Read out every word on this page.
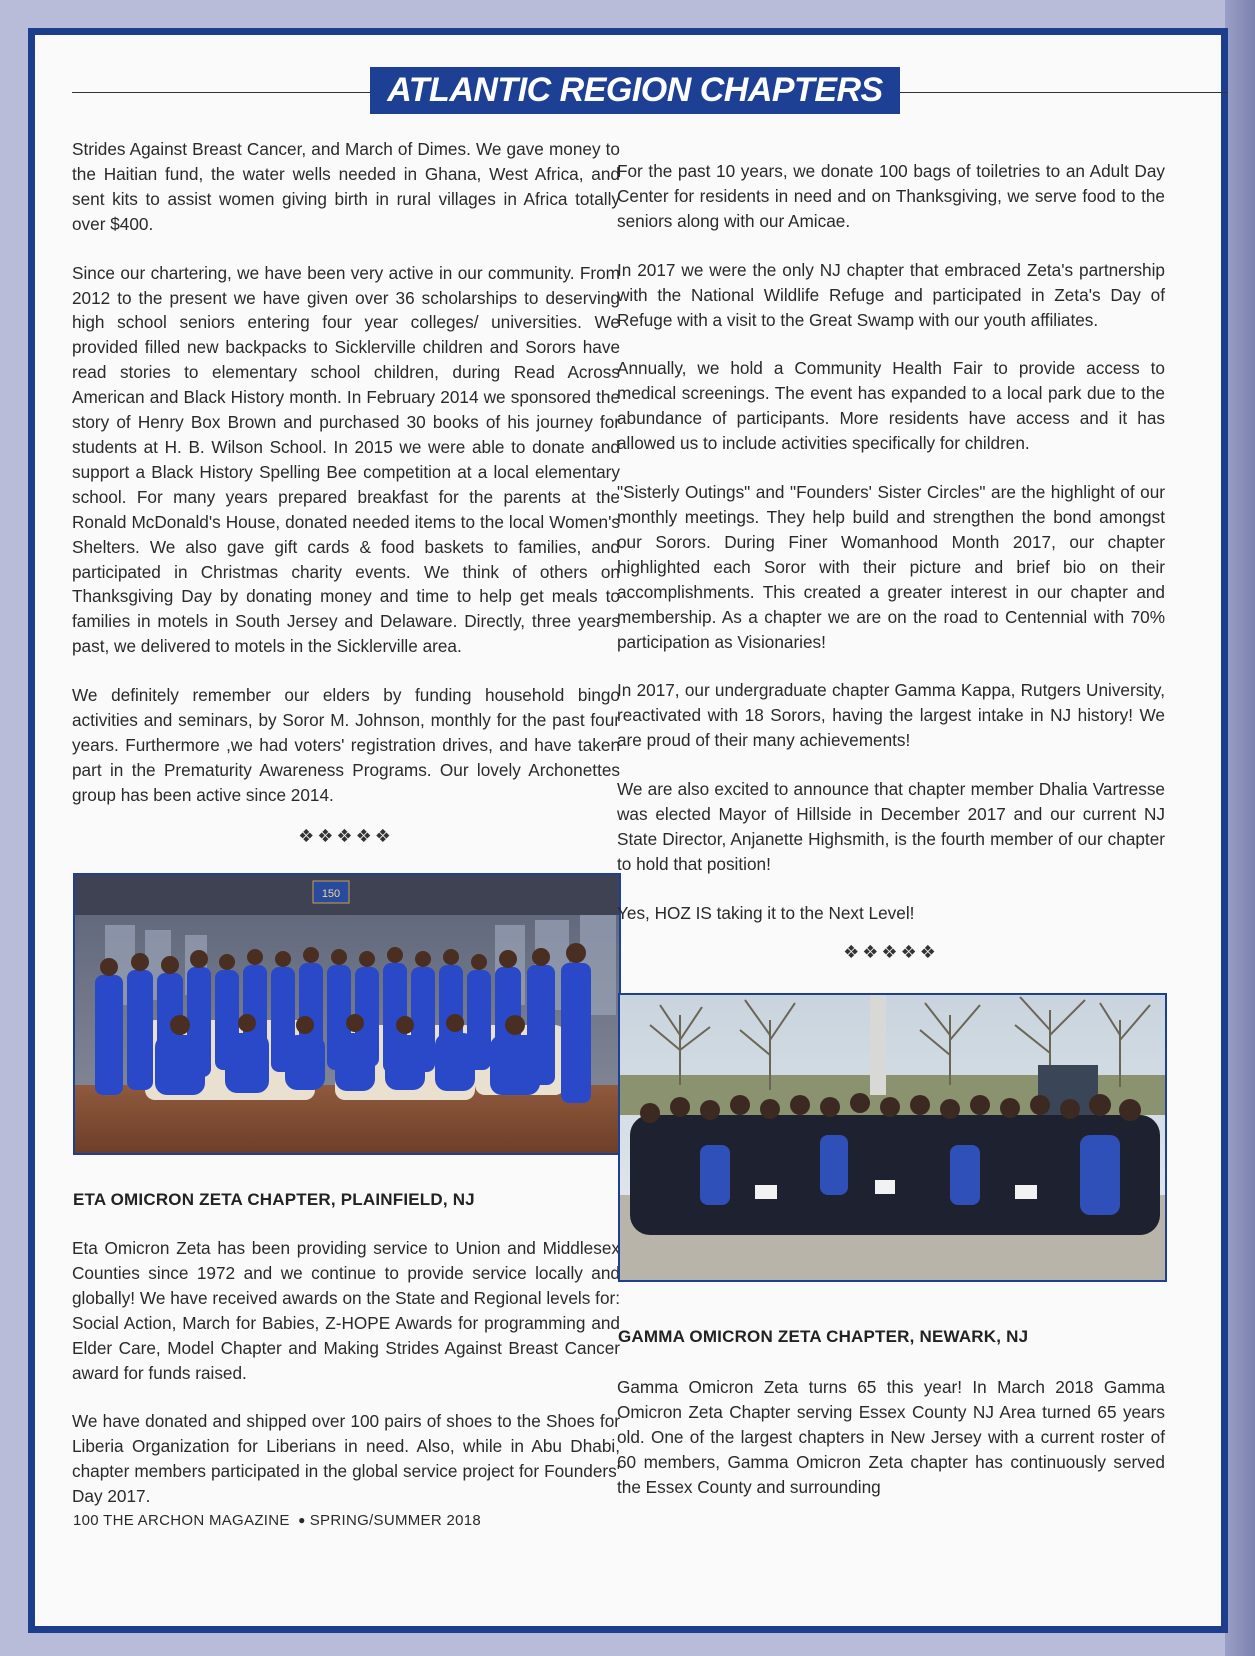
ATLANTIC REGION CHAPTERS

Strides Against Breast Cancer, and March of Dimes. We gave money to the Haitian fund, the water wells needed in Ghana, West Africa, and sent kits to assist women giving birth in rural villages in Africa totally over $400.

Since our chartering, we have been very active in our community. From 2012 to the present we have given over 36 scholarships to deserving high school seniors entering four year colleges/ universities. We provided filled new backpacks to Sicklerville children and Sorors have read stories to elementary school children, during Read Across American and Black History month. In February 2014 we sponsored the story of Henry Box Brown and purchased 30 books of his journey for students at H. B. Wilson School. In 2015 we were able to donate and support a Black History Spelling Bee competition at a local elementary school. For many years prepared breakfast for the parents at the Ronald McDonald's House, donated needed items to the local Women's Shelters. We also gave gift cards & food baskets to families, and participated in Christmas charity events. We think of others on Thanksgiving Day by donating money and time to help get meals to families in motels in South Jersey and Delaware. Directly, three years past, we delivered to motels in the Sicklerville area.

We definitely remember our elders by funding household bingo activities and seminars, by Soror M. Johnson, monthly for the past four years. Furthermore ,we had voters' registration drives, and have taken part in the Prematurity Awareness Programs. Our lovely Archonettes group has been active since 2014.

❖❖❖❖❖
150
ETA OMICRON ZETA CHAPTER, PLAINFIELD, NJ

Eta Omicron Zeta has been providing service to Union and Middlesex Counties since 1972 and we continue to provide service locally and globally! We have received awards on the State and Regional levels for: Social Action, March for Babies, Z-HOPE Awards for programming and Elder Care, Model Chapter and Making Strides Against Breast Cancer award for funds raised.

We have donated and shipped over 100 pairs of shoes to the Shoes for Liberia Organization for Liberians in need. Also, while in Abu Dhabi, chapter members participated in the global service project for Founders' Day 2017.

For the past 10 years, we donate 100 bags of toiletries to an Adult Day Center for residents in need and on Thanksgiving, we serve food to the seniors along with our Amicae.

In 2017 we were the only NJ chapter that embraced Zeta's partnership with the National Wildlife Refuge and participated in Zeta's Day of Refuge with a visit to the Great Swamp with our youth affiliates.

Annually, we hold a Community Health Fair to provide access to medical screenings. The event has expanded to a local park due to the abundance of participants. More residents have access and it has allowed us to include activities specifically for children.

"Sisterly Outings" and "Founders' Sister Circles" are the highlight of our monthly meetings. They help build and strengthen the bond amongst our Sorors. During Finer Womanhood Month 2017, our chapter highlighted each Soror with their picture and brief bio on their accomplishments. This created a greater interest in our chapter and membership. As a chapter we are on the road to Centennial with 70% participation as Visionaries!

In 2017, our undergraduate chapter Gamma Kappa, Rutgers University, reactivated with 18 Sorors, having the largest intake in NJ history! We are proud of their many achievements!

We are also excited to announce that chapter member Dhalia Vartresse was elected Mayor of Hillside in December 2017 and our current NJ State Director, Anjanette Highsmith, is the fourth member of our chapter to hold that position!

Yes, HOZ IS taking it to the Next Level!

❖❖❖❖❖
GAMMA OMICRON ZETA CHAPTER, NEWARK, NJ

Gamma Omicron Zeta turns 65 this year! In March 2018 Gamma Omicron Zeta Chapter serving Essex County NJ Area turned 65 years old. One of the largest chapters in New Jersey with a current roster of 60 members, Gamma Omicron Zeta chapter has continuously served the Essex County and surrounding

100 THE ARCHON MAGAZINE ● SPRING/SUMMER 2018
